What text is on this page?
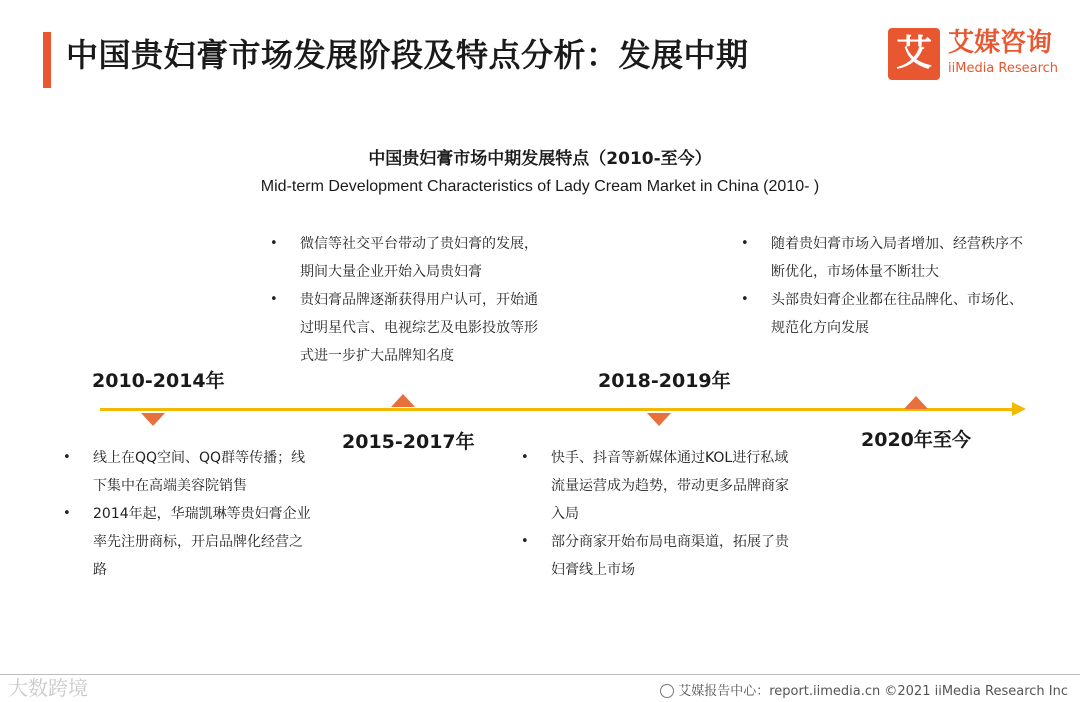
中国贵妇膏市场发展阶段及特点分析：发展中期	艾 艾媒咨询
iiMedia Research
中国贵妇膏市场中期发展特点（2010-至今）
Mid-term Development Characteristics of Lady Cream Market in China (2010- )
2010-2014年
2015-2017年
2018-2019年
2020年至今
• 线上在QQ空间、QQ群等传播；线下集中在高端美容院销售
• 2014年起，华瑞凯琳等贵妇膏企业率先注册商标，开启品牌化经营之路
• 微信等社交平台带动了贵妇膏的发展，期间大量企业开始入局贵妇膏
• 贵妇膏品牌逐渐获得用户认可，开始通过明星代言、电视综艺及电影投放等形式进一步扩大品牌知名度
• 快手、抖音等新媒体通过KOL进行私域流量运营成为趋势，带动更多品牌商家入局
• 部分商家开始布局电商渠道，拓展了贵妇膏线上市场
• 随着贵妇膏市场入局者增加、经营秩序不断优化，市场体量不断壮大
• 头部贵妇膏企业都在往品牌化、市场化、规范化方向发展
大数跨境	艾媒报告中心：report.iimedia.cn ©2021 iiMedia Research Inc
